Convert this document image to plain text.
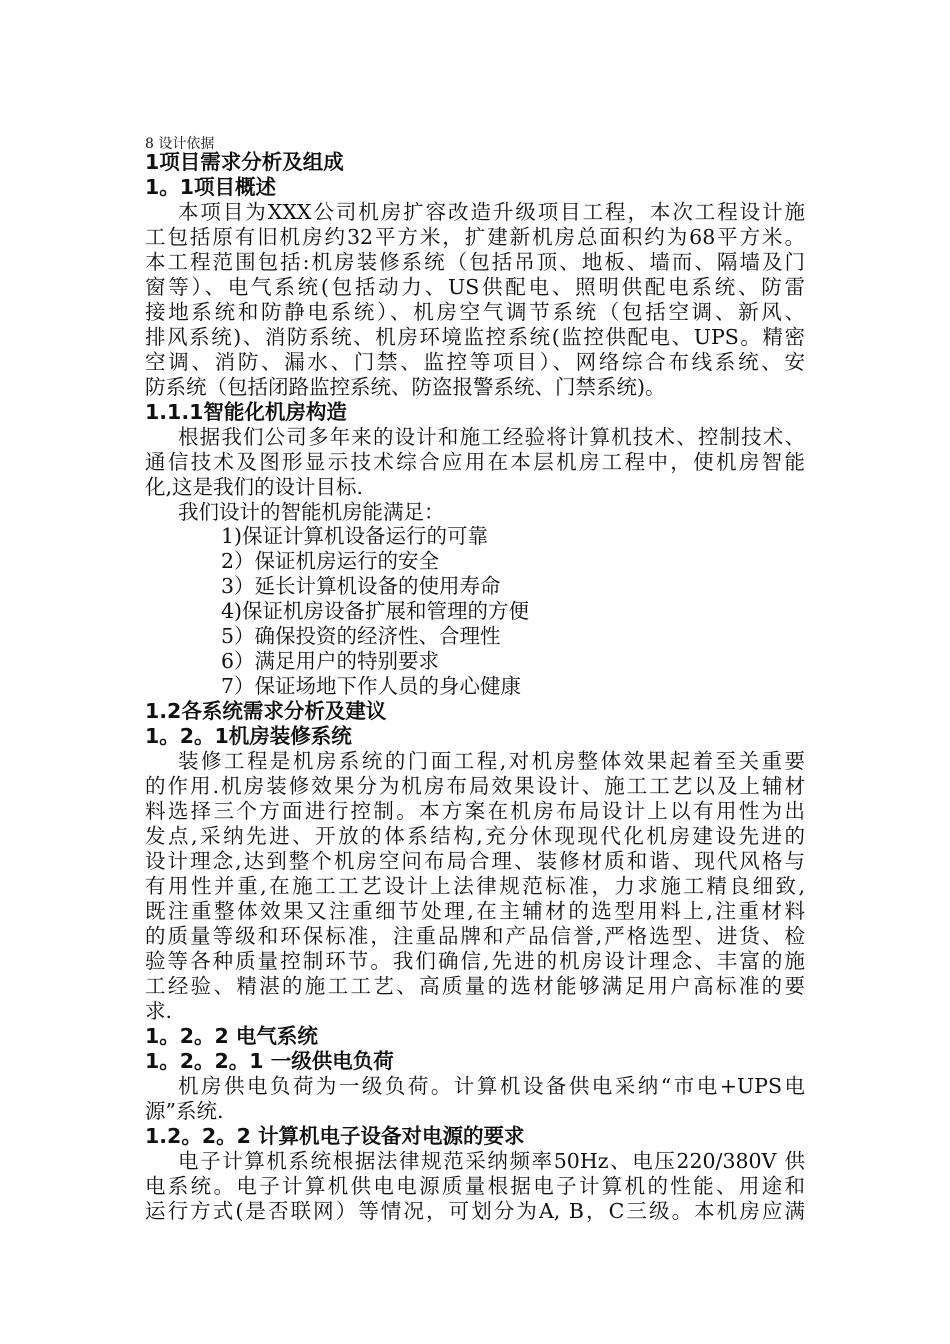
8 设计依据
1项目需求分析及组成
1。1项目概述
本项目为XXX公司机房扩容改造升级项目工程，本次工程设计施
工包括原有旧机房约32平方米，扩建新机房总面积约为68平方米。
本工程范围包括:机房装修系统（包括吊顶、地板、墙而、隔墙及门
窗等）、电气系统(包括动力、US供配电、照明供配电系统、防雷
接地系统和防静电系统）、机房空气调节系统（包括空调、新风、
排风系统)、消防系统、机房环境监控系统(监控供配电、UPS。精密
空调、消防、漏水、门禁、监控等项目）、网络综合布线系统、安
防系统（包括闭路监控系统、防盗报警系统、门禁系统)。
1.1.1智能化机房构造
根据我们公司多年来的设计和施工经验将计算机技术、控制技术、
通信技术及图形显示技术综合应用在本层机房工程中，使机房智能
化,这是我们的设计目标.
我们设计的智能机房能满足：
1)保证计算机设备运行的可靠
2）保证机房运行的安全
3）延长计算机设备的使用寿命
4)保证机房设备扩展和管理的方便
5）确保投资的经济性、合理性
6）满足用户的特别要求
7）保证场地下作人员的身心健康
1.2各系统需求分析及建议
1。2。1机房装修系统
装修工程是机房系统的门面工程,对机房整体效果起着至关重要
的作用.机房装修效果分为机房布局效果设计、施工工艺以及上辅材
料选择三个方面进行控制。本方案在机房布局设计上以有用性为出
发点,采纳先进、开放的体系结构,充分休现现代化机房建设先进的
设计理念,达到整个机房空问布局合理、装修材质和谐、现代风格与
有用性并重,在施工工艺设计上法律规范标准，力求施工精良细致,
既注重整体效果又注重细节处理,在主辅材的选型用料上,注重材料
的质量等级和环保标准，注重品牌和产品信誉,严格选型、进货、检
验等各种质量控制环节。我们确信,先进的机房设计理念、丰富的施
工经验、精湛的施工工艺、高质量的选材能够满足用户高标准的要
求.
1。2。2 电气系统
1。2。2。1 一级供电负荷
机房供电负荷为一级负荷。计算机设备供电采纳“市电+UPS电
源”系统.
1.2。2。2 计算机电子设备对电源的要求
电子计算机系统根据法律规范采纳频率50Hz、电压220/380V 供
电系统。电子计算机供电电源质量根据电子计算机的性能、用途和
运行方式(是否联网）等情况，可划分为A, B，C三级。本机房应满
